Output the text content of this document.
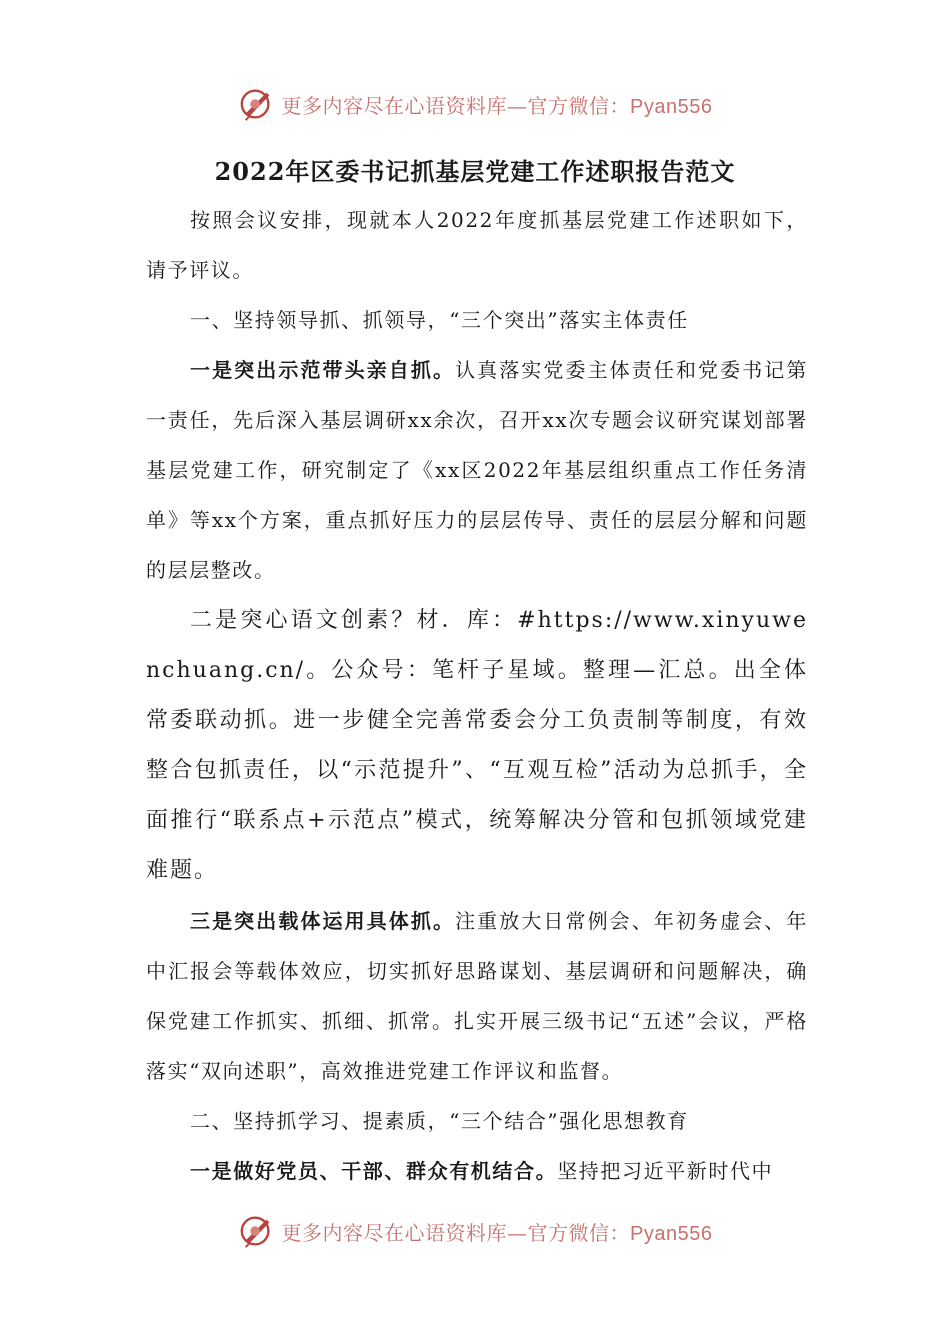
更多内容尽在心语资料库—官方微信：Pyan556
2022年区委书记抓基层党建工作述职报告范文

按照会议安排，现就本人2022年度抓基层党建工作述职如下，请予评议。

一、坚持领导抓、抓领导，“三个突出”落实主体责任

一是突出示范带头亲自抓。认真落实党委主体责任和党委书记第一责任，先后深入基层调研xx余次，召开xx次专题会议研究谋划部署基层党建工作，研究制定了《xx区2022年基层组织重点工作任务清单》等xx个方案，重点抓好压力的层层传导、责任的层层分解和问题的层层整改。

二是突心语文创素？材．库：#https://www.xinyuwenchuang.cn/。公众号：笔杆子星域。整理—汇总。出全体常委联动抓。进一步健全完善常委会分工负责制等制度，有效整合包抓责任，以“示范提升”、“互观互检”活动为总抓手，全面推行“联系点+示范点”模式，统筹解决分管和包抓领域党建难题。

三是突出载体运用具体抓。注重放大日常例会、年初务虚会、年中汇报会等载体效应，切实抓好思路谋划、基层调研和问题解决，确保党建工作抓实、抓细、抓常。扎实开展三级书记“五述”会议，严格落实“双向述职”，高效推进党建工作评议和监督。

二、坚持抓学习、提素质，“三个结合”强化思想教育

一是做好党员、干部、群众有机结合。坚持把习近平新时代中

更多内容尽在心语资料库—官方微信：Pyan556
